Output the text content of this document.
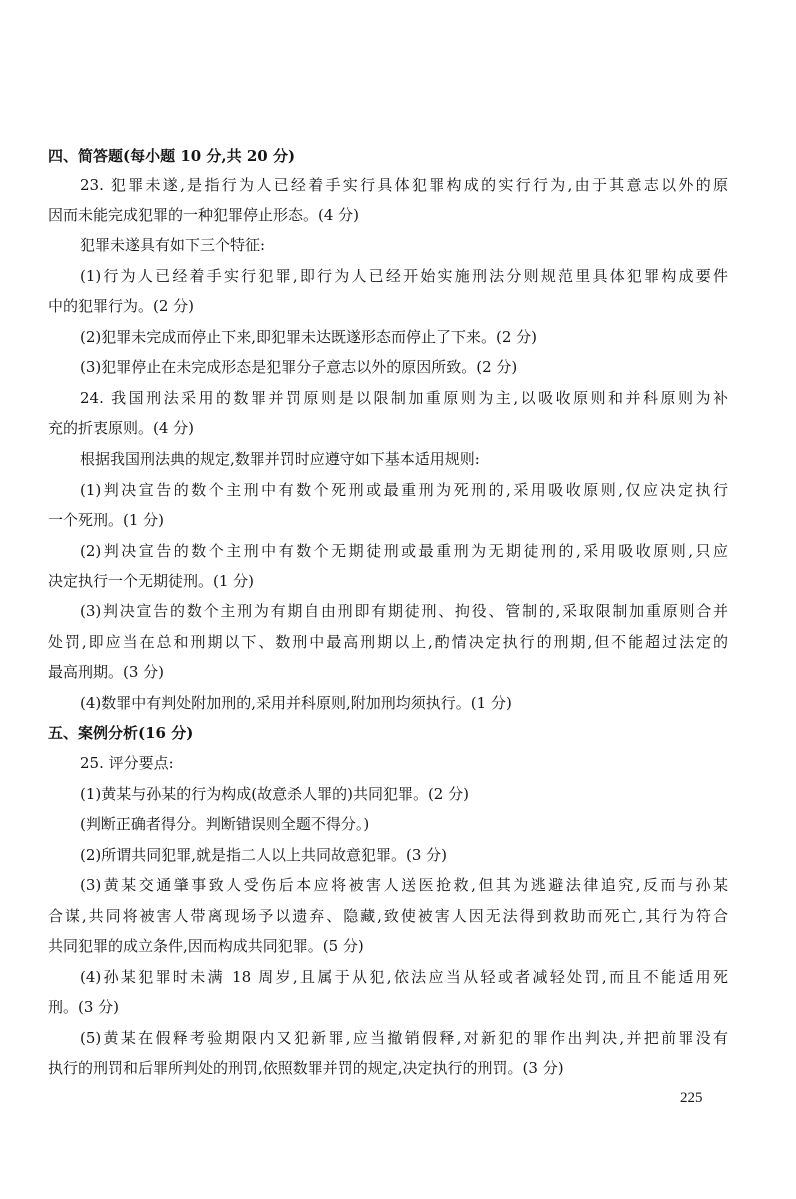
四、简答题(每小题 10 分,共 20 分)
23. 犯罪未遂,是指行为人已经着手实行具体犯罪构成的实行行为,由于其意志以外的原
因而未能完成犯罪的一种犯罪停止形态。(4 分)
犯罪未遂具有如下三个特征:
(1)行为人已经着手实行犯罪,即行为人已经开始实施刑法分则规范里具体犯罪构成要件
中的犯罪行为。(2 分)
(2)犯罪未完成而停止下来,即犯罪未达既遂形态而停止了下来。(2 分)
(3)犯罪停止在未完成形态是犯罪分子意志以外的原因所致。(2 分)
24. 我国刑法采用的数罪并罚原则是以限制加重原则为主,以吸收原则和并科原则为补
充的折衷原则。(4 分)
根据我国刑法典的规定,数罪并罚时应遵守如下基本适用规则:
(1)判决宣告的数个主刑中有数个死刑或最重刑为死刑的,采用吸收原则,仅应决定执行
一个死刑。(1 分)
(2)判决宣告的数个主刑中有数个无期徒刑或最重刑为无期徒刑的,采用吸收原则,只应
决定执行一个无期徒刑。(1 分)
(3)判决宣告的数个主刑为有期自由刑即有期徒刑、拘役、管制的,采取限制加重原则合并
处罚,即应当在总和刑期以下、数刑中最高刑期以上,酌情决定执行的刑期,但不能超过法定的
最高刑期。(3 分)
(4)数罪中有判处附加刑的,采用并科原则,附加刑均须执行。(1 分)
五、案例分析(16 分)
25. 评分要点:
(1)黄某与孙某的行为构成(故意杀人罪的)共同犯罪。(2 分)
(判断正确者得分。判断错误则全题不得分。)
(2)所谓共同犯罪,就是指二人以上共同故意犯罪。(3 分)
(3)黄某交通肇事致人受伤后本应将被害人送医抢救,但其为逃避法律追究,反而与孙某
合谋,共同将被害人带离现场予以遗弃、隐藏,致使被害人因无法得到救助而死亡,其行为符合
共同犯罪的成立条件,因而构成共同犯罪。(5 分)
(4)孙某犯罪时未满 18 周岁,且属于从犯,依法应当从轻或者减轻处罚,而且不能适用死
刑。(3 分)
(5)黄某在假释考验期限内又犯新罪,应当撤销假释,对新犯的罪作出判决,并把前罪没有
执行的刑罚和后罪所判处的刑罚,依照数罪并罚的规定,决定执行的刑罚。(3 分)
225
